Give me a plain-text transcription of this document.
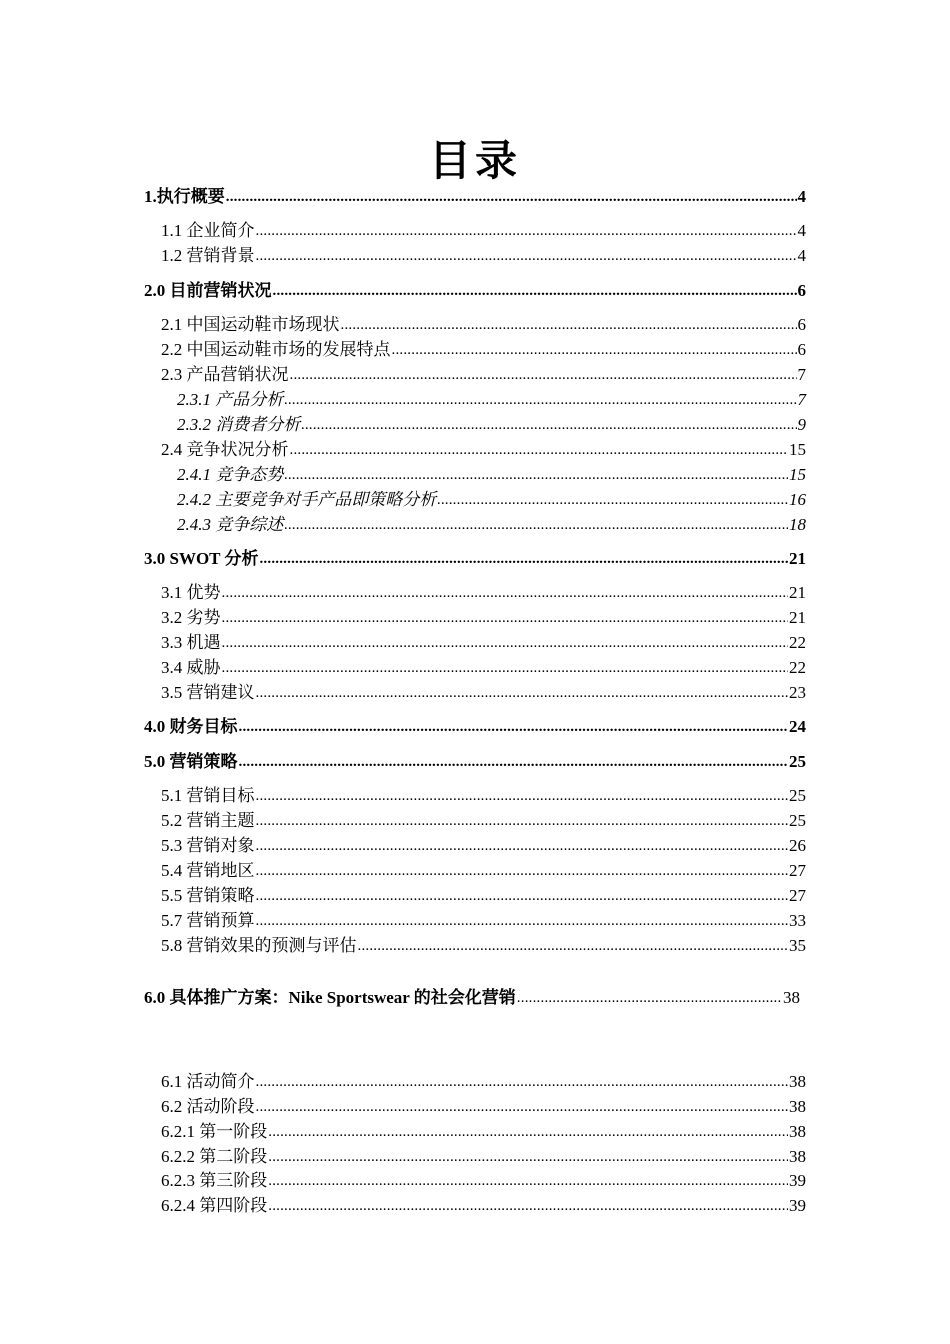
目录
1.执行概要 .....	4
1.1 企业简介 .....	4
1.2 营销背景 .....	4
2.0 目前营销状况 .....	6
2.1 中国运动鞋市场现状 .....	6
2.2 中国运动鞋市场的发展特点 .....	6
2.3 产品营销状况 .....	7
2.3.1 产品分析 .....	7
2.3.2 消费者分析 .....	9
2.4 竞争状况分析 .....	15
2.4.1 竞争态势 .....	15
2.4.2 主要竞争对手产品即策略分析 .....	16
2.4.3 竞争综述 .....	18
3.0 SWOT 分析 .....	21
3.1 优势 .....	21
3.2 劣势 .....	21
3.3 机遇 .....	22
3.4 威胁 .....	22
3.5 营销建议 .....	23
4.0 财务目标 .....	24
5.0 营销策略 .....	25
5.1 营销目标 .....	25
5.2 营销主题 .....	25
5.3 营销对象 .....	26
5.4 营销地区 .....	27
5.5 营销策略 .....	27
5.7 营销预算 .....	33
5.8 营销效果的预测与评估 .....	35
6.0 具体推广方案：Nike Sportswear 的社会化营销 .....	38
6.1 活动简介 .....	38
6.2 活动阶段 .....	38
6.2.1 第一阶段 .....	38
6.2.2 第二阶段 .....	38
6.2.3 第三阶段 .....	39
6.2.4 第四阶段 .....	39
